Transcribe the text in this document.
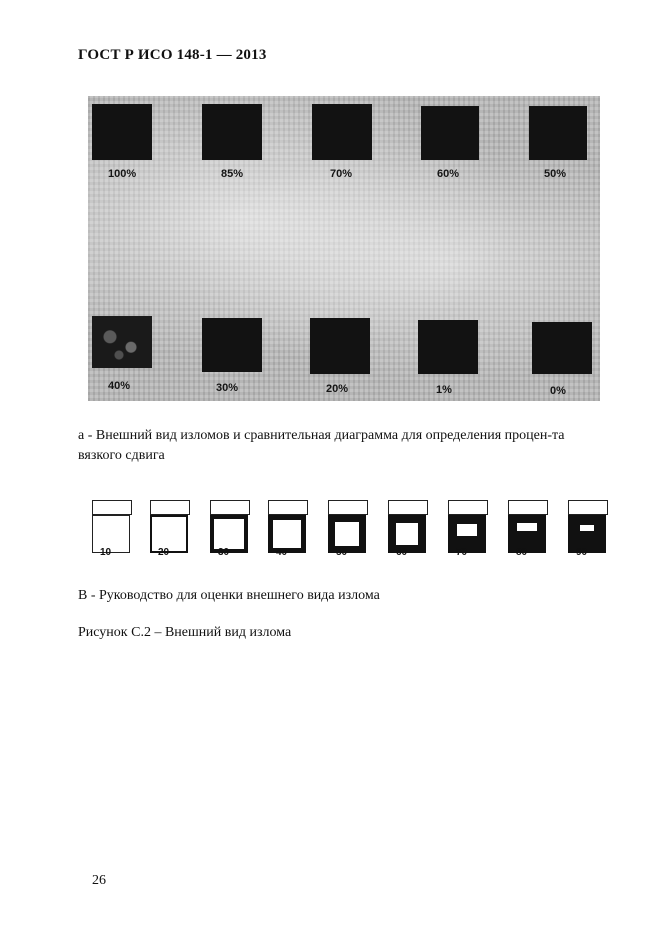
ГОСТ Р ИСО 148-1 — 2013
100%	85%	70%	60%	50%
40%	30%	20%	1%	0%
а - Внешний вид изломов и сравнительная диаграмма для определения процен-та вязкого сдвига
10	20	30	40	50	60	70	80	90
В - Руководство для оценки внешнего вида излома
Рисунок С.2 – Внешний вид излома
26
